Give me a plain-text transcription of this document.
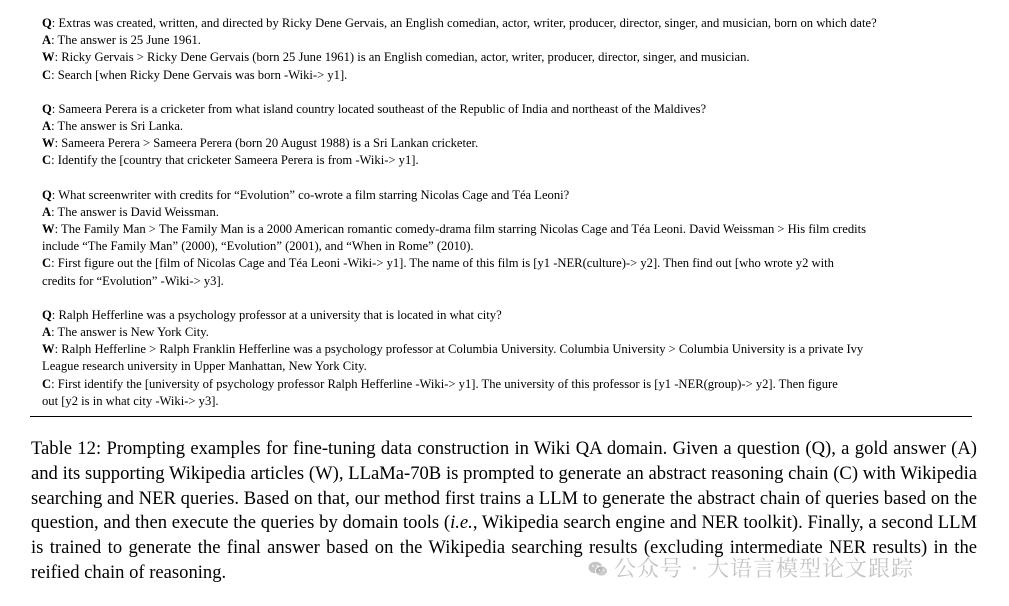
Q: Extras was created, written, and directed by Ricky Dene Gervais, an English comedian, actor, writer, producer, director, singer, and musician, born on which date?
A: The answer is 25 June 1961.
W: Ricky Gervais > Ricky Dene Gervais (born 25 June 1961) is an English comedian, actor, writer, producer, director, singer, and musician.
C: Search [when Ricky Dene Gervais was born -Wiki-> y1].
Q: Sameera Perera is a cricketer from what island country located southeast of the Republic of India and northeast of the Maldives?
A: The answer is Sri Lanka.
W: Sameera Perera > Sameera Perera (born 20 August 1988) is a Sri Lankan cricketer.
C: Identify the [country that cricketer Sameera Perera is from -Wiki-> y1].
Q: What screenwriter with credits for “Evolution” co-wrote a film starring Nicolas Cage and Téa Leoni?
A: The answer is David Weissman.
W: The Family Man > The Family Man is a 2000 American romantic comedy-drama film starring Nicolas Cage and Téa Leoni. David Weissman > His film credits
include “The Family Man” (2000), “Evolution” (2001), and “When in Rome” (2010).
C: First figure out the [film of Nicolas Cage and Téa Leoni -Wiki-> y1]. The name of this film is [y1 -NER(culture)-> y2]. Then find out [who wrote y2 with
credits for “Evolution” -Wiki-> y3].
Q: Ralph Hefferline was a psychology professor at a university that is located in what city?
A: The answer is New York City.
W: Ralph Hefferline > Ralph Franklin Hefferline was a psychology professor at Columbia University. Columbia University > Columbia University is a private Ivy
League research university in Upper Manhattan, New York City.
C: First identify the [university of psychology professor Ralph Hefferline -Wiki-> y1]. The university of this professor is [y1 -NER(group)-> y2]. Then figure
out [y2 is in what city -Wiki-> y3].
Table 12: Prompting examples for fine-tuning data construction in Wiki QA domain. Given a question (Q), a gold answer (A) and its supporting Wikipedia articles (W), LLaMa-70B is prompted to generate an abstract reasoning chain (C) with Wikipedia searching and NER queries. Based on that, our method first trains a LLM to generate the abstract chain of queries based on the question, and then execute the queries by domain tools (i.e., Wikipedia search engine and NER toolkit). Finally, a second LLM is trained to generate the final answer based on the Wikipedia searching results (excluding intermediate NER results) in the reified chain of reasoning.	公众号 · 大语言模型论文跟踪
